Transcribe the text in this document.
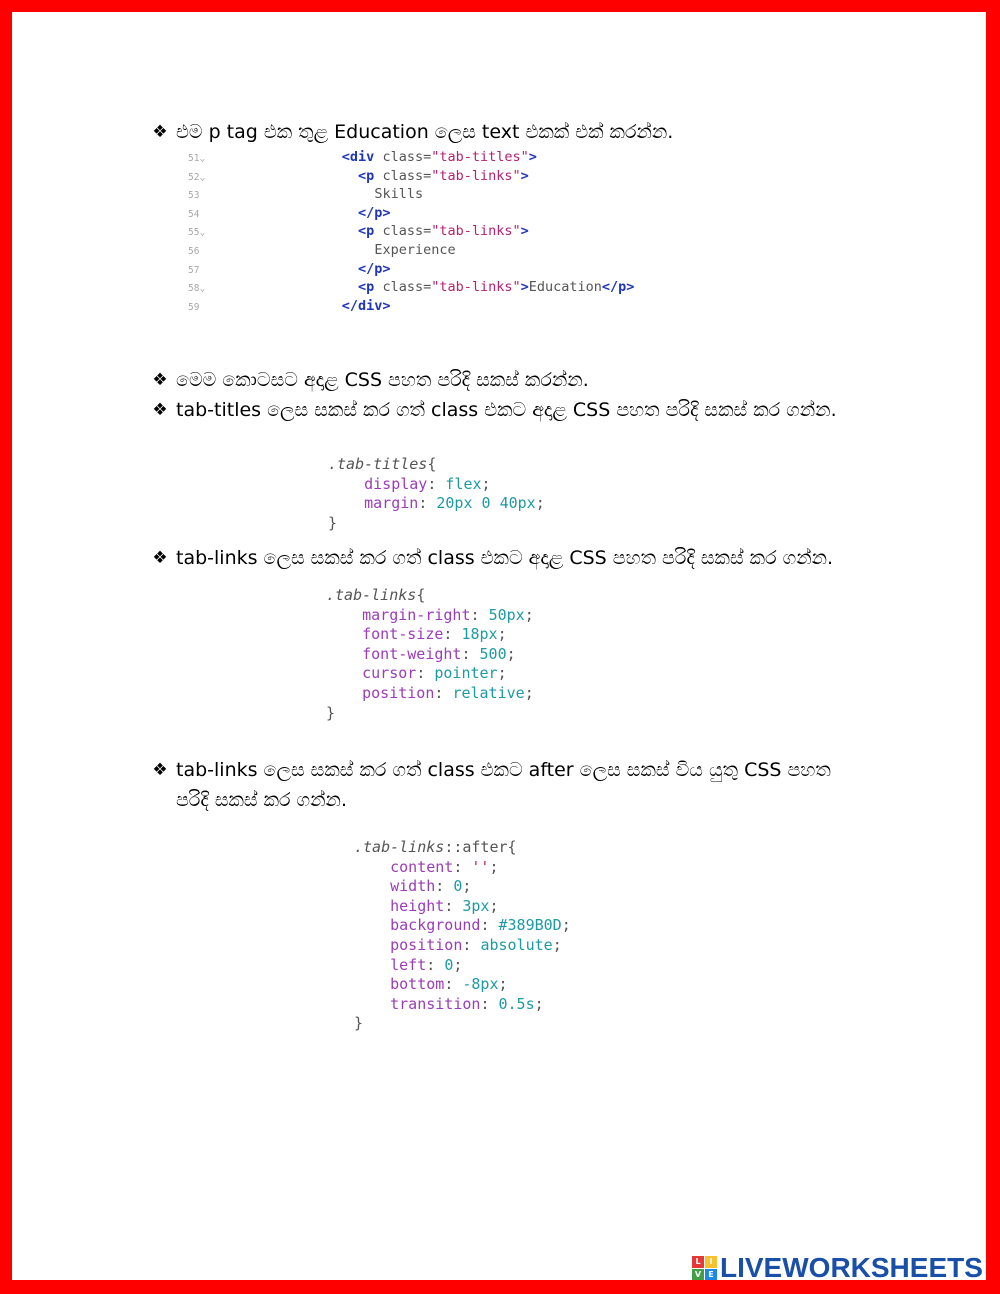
❖ එම p tag එක තුළ Education ලෙස text එකක් එක් කරන්න.
51⌄	<div class="tab-titles">
52⌄	<p class="tab-links">
53	Skills
54	</p>
55⌄	<p class="tab-links">
56	Experience
57	</p>
58⌄	<p class="tab-links">Education</p>
59	</div>
❖ මෙම කොටසට අදාළ CSS පහත පරිදි සකස් කරන්න.
❖ tab-titles ලෙස සකස් කර ගත් class එකට අදාළ CSS පහත පරිදි සකස් කර ගන්න.
.tab-titles{
display: flex;
margin: 20px 0 40px;
}
❖ tab-links ලෙස සකස් කර ගත් class එකට අදාළ CSS පහත පරිදි සකස් කර ගන්න.
.tab-links{
margin-right: 50px;
font-size: 18px;
font-weight: 500;
cursor: pointer;
position: relative;
}
❖ tab-links ලෙස සකස් කර ගත් class එකට after ලෙස සකස් විය යුතු CSS පහත පරිදි සකස් කර ගන්න.
.tab-links::after{
content: '';
width: 0;
height: 3px;
background: #389B0D;
position: absolute;
left: 0;
bottom: -8px;
transition: 0.5s;
}
L	I
V E LIVEWORKSHEETS
